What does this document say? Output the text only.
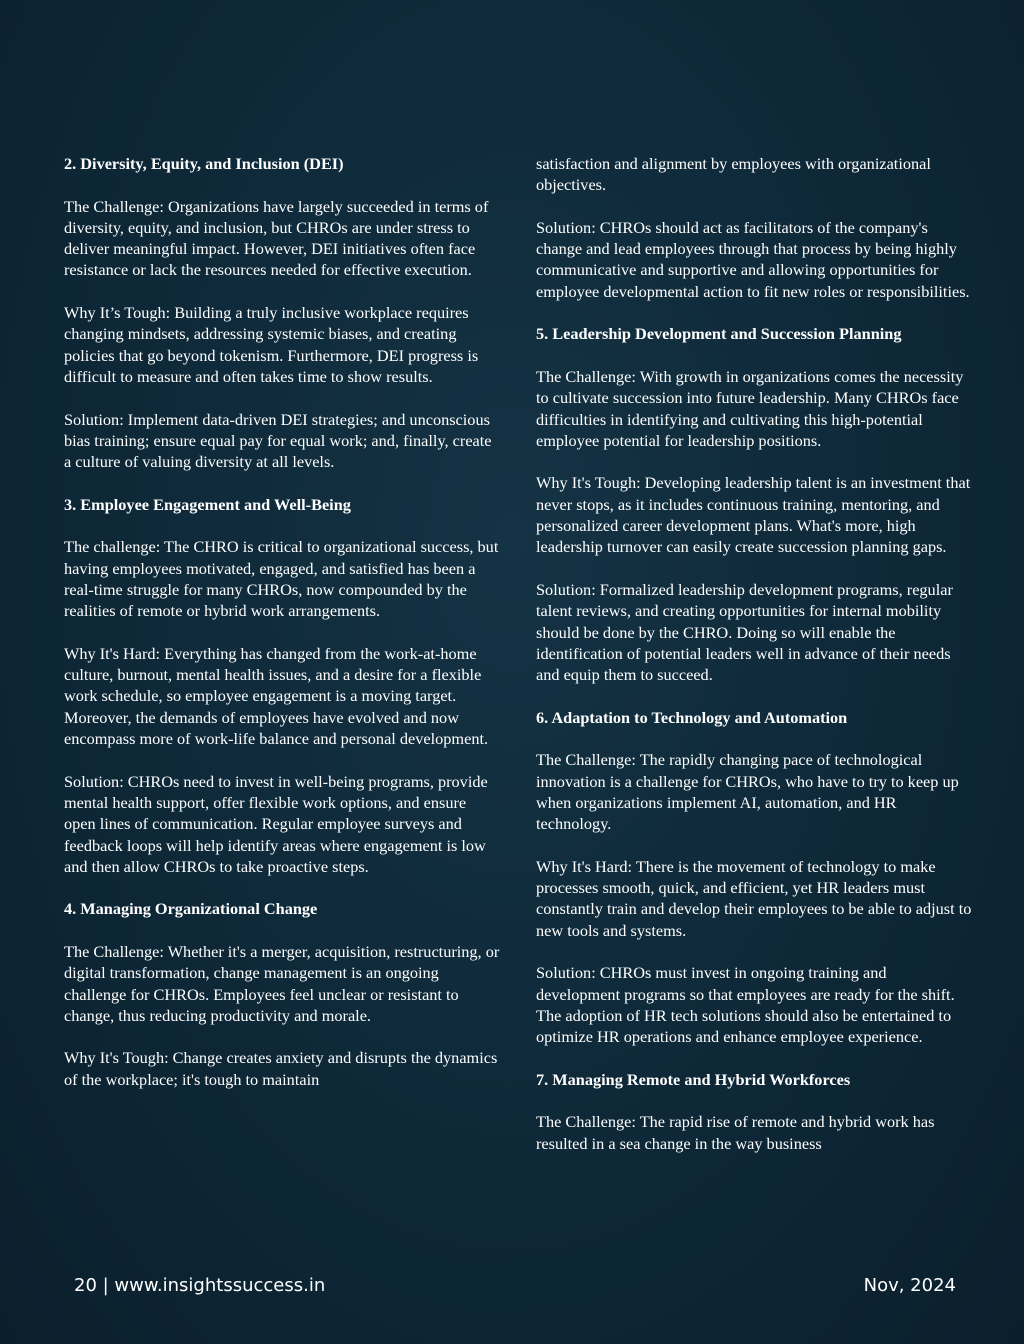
2. Diversity, Equity, and Inclusion (DEI)

The Challenge: Organizations have largely succeeded in terms of diversity, equity, and inclusion, but CHROs are under stress to deliver meaningful impact. However, DEI initiatives often face resistance or lack the resources needed for effective execution.

Why It’s Tough: Building a truly inclusive workplace requires changing mindsets, addressing systemic biases, and creating policies that go beyond tokenism. Furthermore, DEI progress is difficult to measure and often takes time to show results.

Solution: Implement data-driven DEI strategies; and unconscious bias training; ensure equal pay for equal work; and, finally, create a culture of valuing diversity at all levels.

3. Employee Engagement and Well-Being

The challenge: The CHRO is critical to organizational success, but having employees motivated, engaged, and satisfied has been a real-time struggle for many CHROs, now compounded by the realities of remote or hybrid work arrangements.

Why It's Hard: Everything has changed from the work-at-home culture, burnout, mental health issues, and a desire for a flexible work schedule, so employee engagement is a moving target. Moreover, the demands of employees have evolved and now encompass more of work-life balance and personal development.

Solution: CHROs need to invest in well-being programs, provide mental health support, offer flexible work options, and ensure open lines of communication. Regular employee surveys and feedback loops will help identify areas where engagement is low and then allow CHROs to take proactive steps.

4. Managing Organizational Change

The Challenge: Whether it's a merger, acquisition, restructuring, or digital transformation, change management is an ongoing challenge for CHROs. Employees feel unclear or resistant to change, thus reducing productivity and morale.

Why It's Tough: Change creates anxiety and disrupts the dynamics of the workplace; it's tough to maintain

satisfaction and alignment by employees with organizational objectives.

Solution: CHROs should act as facilitators of the company's change and lead employees through that process by being highly communicative and supportive and allowing opportunities for employee developmental action to fit new roles or responsibilities.

5. Leadership Development and Succession Planning

The Challenge: With growth in organizations comes the necessity to cultivate succession into future leadership. Many CHROs face difficulties in identifying and cultivating this high-potential employee potential for leadership positions.

Why It's Tough: Developing leadership talent is an investment that never stops, as it includes continuous training, mentoring, and personalized career development plans. What's more, high leadership turnover can easily create succession planning gaps.

Solution: Formalized leadership development programs, regular talent reviews, and creating opportunities for internal mobility should be done by the CHRO. Doing so will enable the identification of potential leaders well in advance of their needs and equip them to succeed.

6. Adaptation to Technology and Automation

The Challenge: The rapidly changing pace of technological innovation is a challenge for CHROs, who have to try to keep up when organizations implement AI, automation, and HR technology.

Why It's Hard: There is the movement of technology to make processes smooth, quick, and efficient, yet HR leaders must constantly train and develop their employees to be able to adjust to new tools and systems.

Solution: CHROs must invest in ongoing training and development programs so that employees are ready for the shift. The adoption of HR tech solutions should also be entertained to optimize HR operations and enhance employee experience.

7. Managing Remote and Hybrid Workforces

The Challenge: The rapid rise of remote and hybrid work has resulted in a sea change in the way business

20 | www.insightssuccess.in	Nov, 2024
